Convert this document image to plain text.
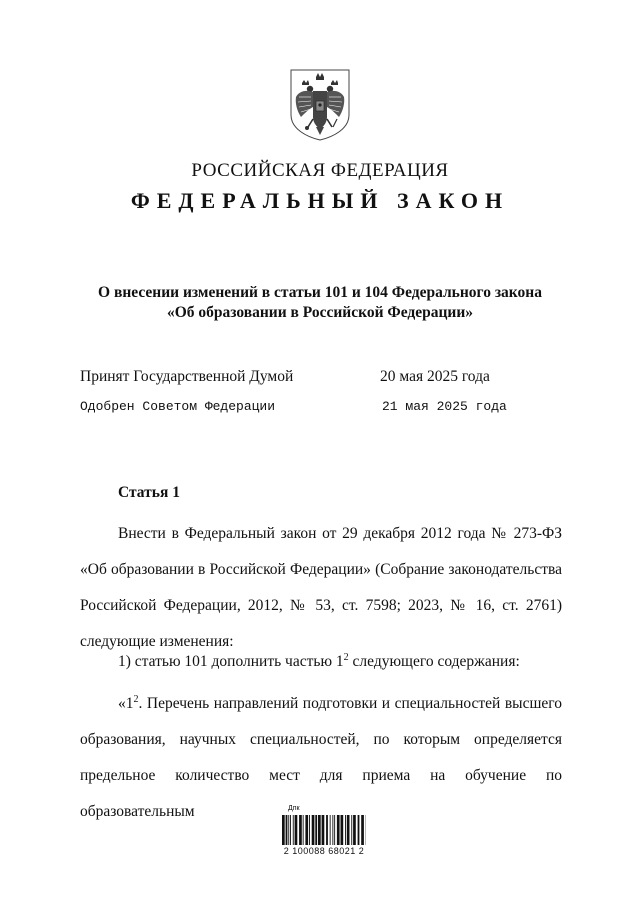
РОССИЙСКАЯ ФЕДЕРАЦИЯ
ФЕДЕРАЛЬНЫЙ ЗАКОН
О внесении изменений в статьи 101 и 104 Федерального закона
«Об образовании в Российской Федерации»
Принят Государственной Думой	20 мая 2025 года
Одобрен Советом Федерации	21 мая 2025 года
Статья 1
Внести в Федеральный закон от 29 декабря 2012 года № 273-ФЗ «Об образовании в Российской Федерации» (Собрание законодательства Российской Федерации, 2012, № 53, ст. 7598; 2023, № 16, ст. 2761) следующие изменения:
1) статью 101 дополнить частью $1^2$ следующего содержания:
«$1^2$. Перечень направлений подготовки и специальностей высшего образования, научных специальностей, по которым определяется предельное количество мест для приема на обучение по образовательным	Дпк
2 100088 68021 2
